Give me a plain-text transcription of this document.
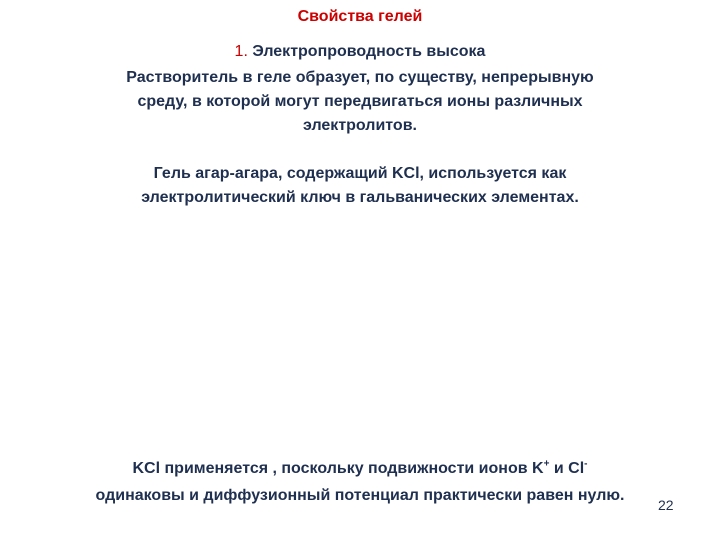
Свойства гелей
1. Электропроводность высока
Растворитель в геле образует, по существу, непрерывную
среду, в которой могут передвигаться ионы различных
электролитов.
Гель агар-агара, содержащий KCl, используется как
электролитический ключ в гальванических элементах.
KCl применяется , поскольку подвижности ионов K+ и Cl-
одинаковы и диффузионный потенциал практически равен нулю.
22
